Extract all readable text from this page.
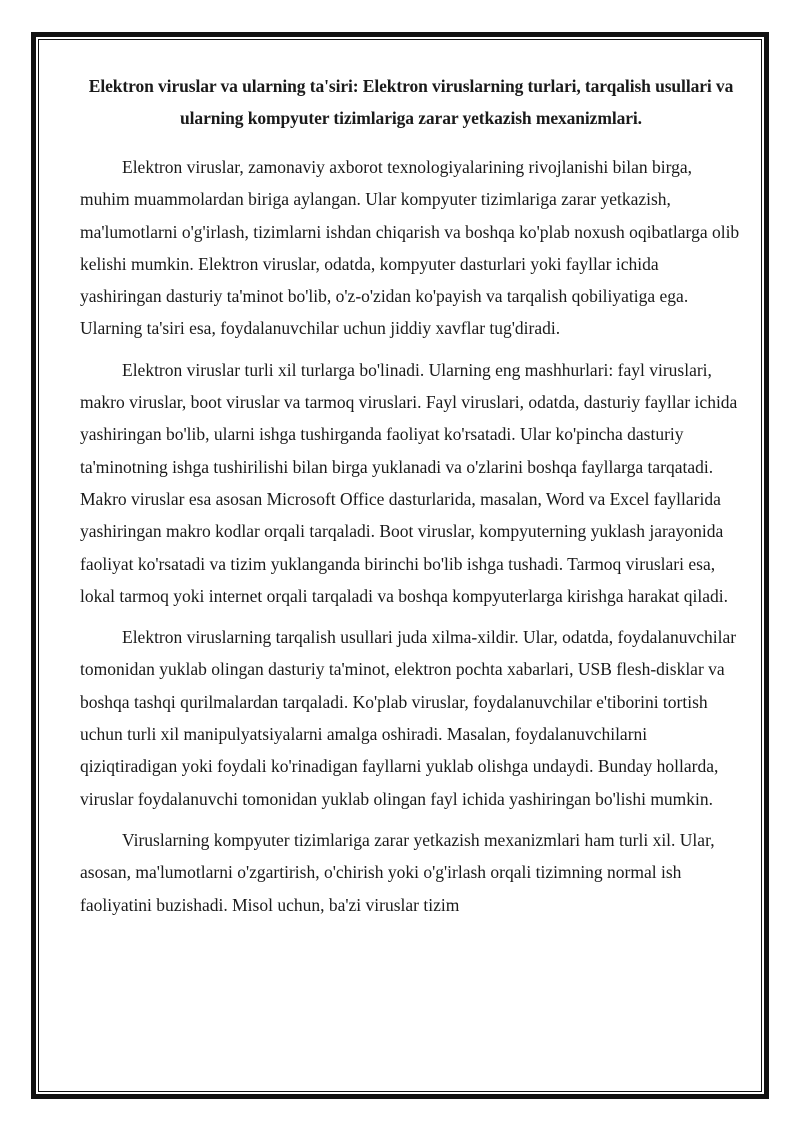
Elektron viruslar va ularning ta'siri: Elektron viruslarning turlari, tarqalish usullari va ularning kompyuter tizimlariga zarar yetkazish mexanizmlari.

Elektron viruslar, zamonaviy axborot texnologiyalarining rivojlanishi bilan birga, muhim muammolardan biriga aylangan. Ular kompyuter tizimlariga zarar yetkazish, ma'lumotlarni o'g'irlash, tizimlarni ishdan chiqarish va boshqa ko'plab noxush oqibatlarga olib kelishi mumkin. Elektron viruslar, odatda, kompyuter dasturlari yoki fayllar ichida yashiringan dasturiy ta'minot bo'lib, o'z-o'zidan ko'payish va tarqalish qobiliyatiga ega. Ularning ta'siri esa, foydalanuvchilar uchun jiddiy xavflar tug'diradi.

Elektron viruslar turli xil turlarga bo'linadi. Ularning eng mashhurlari: fayl viruslari, makro viruslar, boot viruslar va tarmoq viruslari. Fayl viruslari, odatda, dasturiy fayllar ichida yashiringan bo'lib, ularni ishga tushirganda faoliyat ko'rsatadi. Ular ko'pincha dasturiy ta'minotning ishga tushirilishi bilan birga yuklanadi va o'zlarini boshqa fayllarga tarqatadi. Makro viruslar esa asosan Microsoft Office dasturlarida, masalan, Word va Excel fayllarida yashiringan makro kodlar orqali tarqaladi. Boot viruslar, kompyuterning yuklash jarayonida faoliyat ko'rsatadi va tizim yuklanganda birinchi bo'lib ishga tushadi. Tarmoq viruslari esa, lokal tarmoq yoki internet orqali tarqaladi va boshqa kompyuterlarga kirishga harakat qiladi.

Elektron viruslarning tarqalish usullari juda xilma-xildir. Ular, odatda, foydalanuvchilar tomonidan yuklab olingan dasturiy ta'minot, elektron pochta xabarlari, USB flesh-disklar va boshqa tashqi qurilmalardan tarqaladi. Ko'plab viruslar, foydalanuvchilar e'tiborini tortish uchun turli xil manipulyatsiyalarni amalga oshiradi. Masalan, foydalanuvchilarni qiziqtiradigan yoki foydali ko'rinadigan fayllarni yuklab olishga undaydi. Bunday hollarda, viruslar foydalanuvchi tomonidan yuklab olingan fayl ichida yashiringan bo'lishi mumkin.

Viruslarning kompyuter tizimlariga zarar yetkazish mexanizmlari ham turli xil. Ular, asosan, ma'lumotlarni o'zgartirish, o'chirish yoki o'g'irlash orqali tizimning normal ish faoliyatini buzishadi. Misol uchun, ba'zi viruslar tizim
